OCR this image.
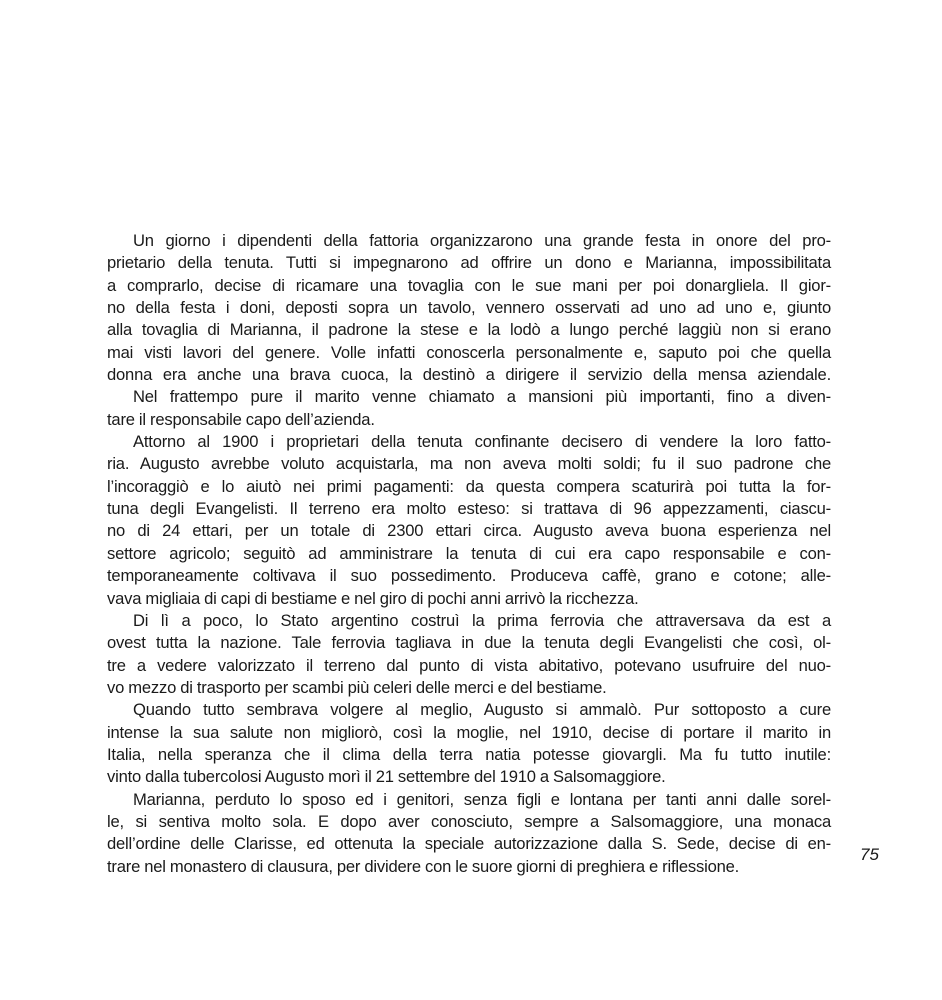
Un giorno i dipendenti della fattoria organizzarono una grande festa in onore del pro-
prietario della tenuta. Tutti si impegnarono ad offrire un dono e Marianna, impossibilitata
a comprarlo, decise di ricamare una tovaglia con le sue mani per poi donargliela. Il gior-
no della festa i doni, deposti sopra un tavolo, vennero osservati ad uno ad uno e, giunto
alla tovaglia di Marianna, il padrone la stese e la lodò a lungo perché laggiù non si erano
mai visti lavori del genere. Volle infatti conoscerla personalmente e, saputo poi che quella
donna era anche una brava cuoca, la destinò a dirigere il servizio della mensa aziendale.
Nel frattempo pure il marito venne chiamato a mansioni più importanti, fino a diven-
tare il responsabile capo dell’azienda.
Attorno al 1900 i proprietari della tenuta confinante decisero di vendere la loro fatto-
ria. Augusto avrebbe voluto acquistarla, ma non aveva molti soldi; fu il suo padrone che
l’incoraggiò e lo aiutò nei primi pagamenti: da questa compera scaturirà poi tutta la for-
tuna degli Evangelisti. Il terreno era molto esteso: si trattava di 96 appezzamenti, ciascu-
no di 24 ettari, per un totale di 2300 ettari circa. Augusto aveva buona esperienza nel
settore agricolo; seguitò ad amministrare la tenuta di cui era capo responsabile e con-
temporaneamente coltivava il suo possedimento. Produceva caffè, grano e cotone; alle-
vava migliaia di capi di bestiame e nel giro di pochi anni arrivò la ricchezza.
Di lì a poco, lo Stato argentino costruì la prima ferrovia che attraversava da est a
ovest tutta la nazione. Tale ferrovia tagliava in due la tenuta degli Evangelisti che così, ol-
tre a vedere valorizzato il terreno dal punto di vista abitativo, potevano usufruire del nuo-
vo mezzo di trasporto per scambi più celeri delle merci e del bestiame.
Quando tutto sembrava volgere al meglio, Augusto si ammalò. Pur sottoposto a cure
intense la sua salute non migliorò, così la moglie, nel 1910, decise di portare il marito in
Italia, nella speranza che il clima della terra natia potesse giovargli. Ma fu tutto inutile:
vinto dalla tubercolosi Augusto morì il 21 settembre del 1910 a Salsomaggiore.
Marianna, perduto lo sposo ed i genitori, senza figli e lontana per tanti anni dalle sorel-
le, si sentiva molto sola. E dopo aver conosciuto, sempre a Salsomaggiore, una monaca
dell’ordine delle Clarisse, ed ottenuta la speciale autorizzazione dalla S. Sede, decise di en-
trare nel monastero di clausura, per dividere con le suore giorni di preghiera e riflessione.
75
